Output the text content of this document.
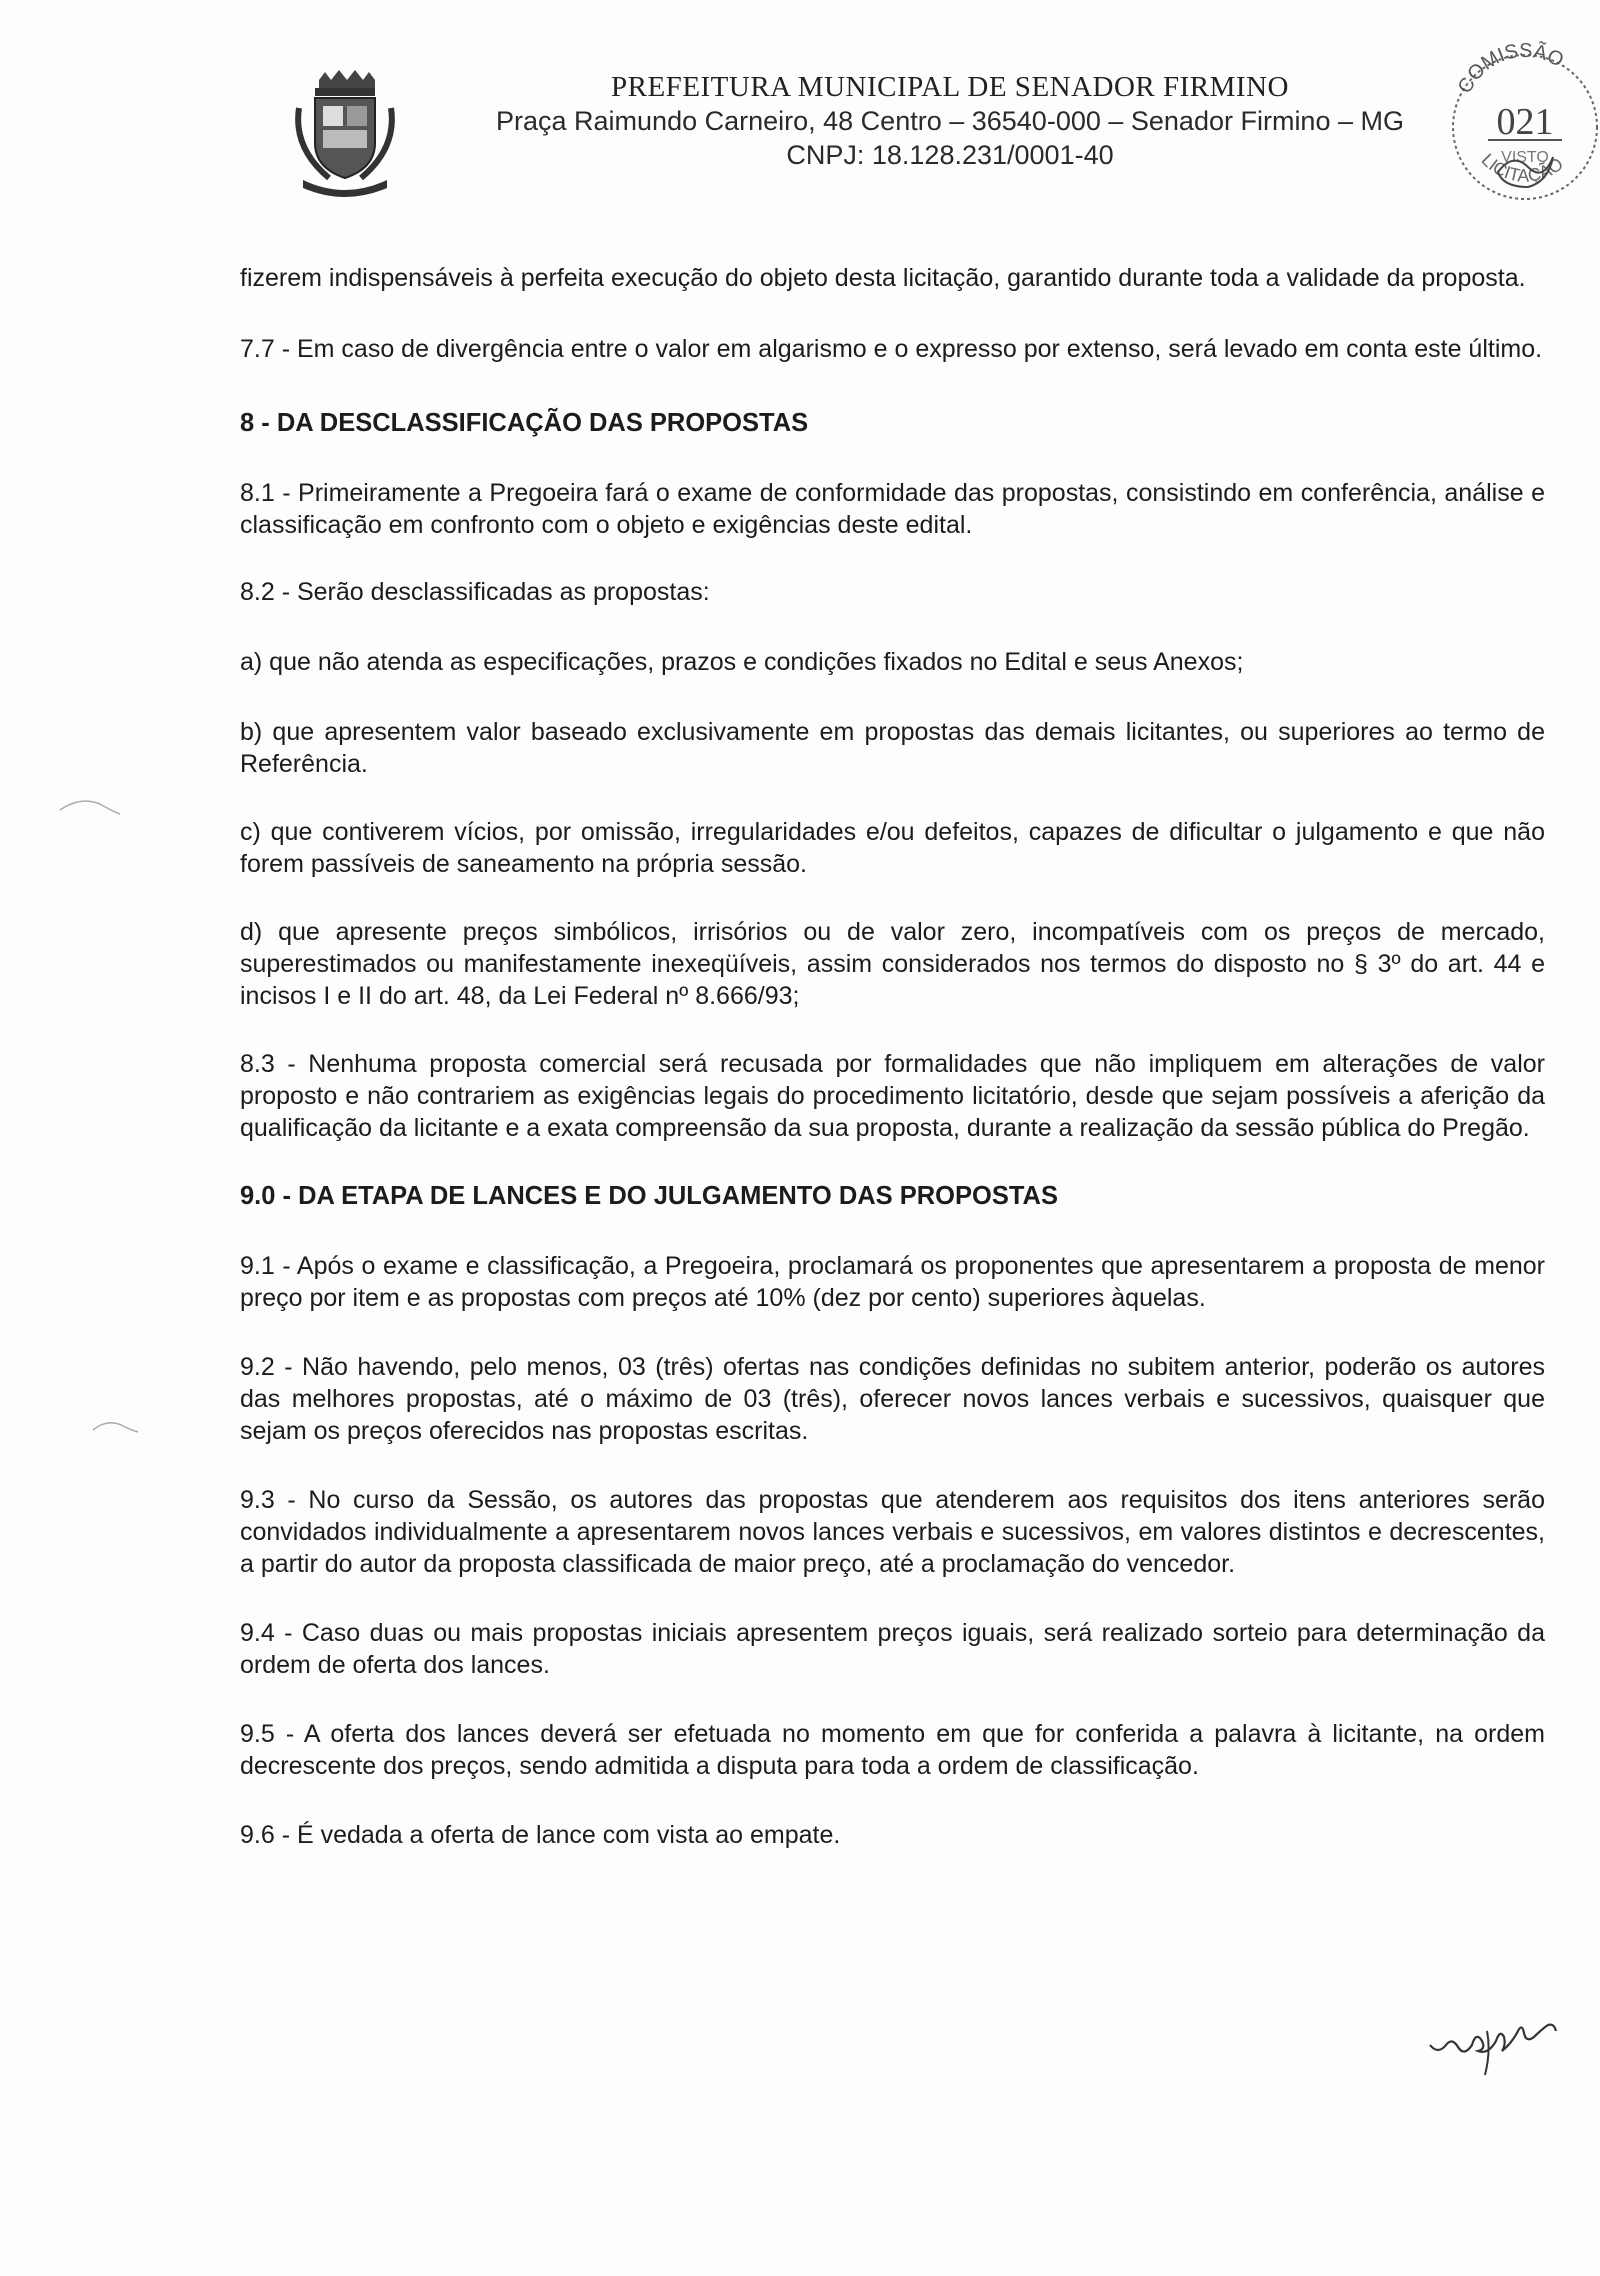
PREFEITURA MUNICIPAL DE SENADOR FIRMINO
Praça Raimundo Carneiro, 48 Centro – 36540-000 – Senador Firmino – MG
CNPJ: 18.128.231/0001-40
COMISSÃO
021
VISTO
LICITAÇÃO

fizerem indispensáveis à perfeita execução do objeto desta licitação, garantido durante toda a validade da proposta.

7.7 - Em caso de divergência entre o valor em algarismo e o expresso por extenso, será levado em conta este último.

8 - DA DESCLASSIFICAÇÃO DAS PROPOSTAS

8.1 - Primeiramente a Pregoeira fará o exame de conformidade das propostas, consistindo em conferência, análise e classificação em confronto com o objeto e exigências deste edital.

8.2 - Serão desclassificadas as propostas:

a) que não atenda as especificações, prazos e condições fixados no Edital e seus Anexos;

b) que apresentem valor baseado exclusivamente em propostas das demais licitantes, ou superiores ao termo de Referência.

c) que contiverem vícios, por omissão, irregularidades e/ou defeitos, capazes de dificultar o julgamento e que não forem passíveis de saneamento na própria sessão.

d) que apresente preços simbólicos, irrisórios ou de valor zero, incompatíveis com os preços de mercado, superestimados ou manifestamente inexeqüíveis, assim considerados nos termos do disposto no § 3º do art. 44 e incisos I e II do art. 48, da Lei Federal nº 8.666/93;

8.3 - Nenhuma proposta comercial será recusada por formalidades que não impliquem em alterações de valor proposto e não contrariem as exigências legais do procedimento licitatório, desde que sejam possíveis a aferição da qualificação da licitante e a exata compreensão da sua proposta, durante a realização da sessão pública do Pregão.

9.0 - DA ETAPA DE LANCES E DO JULGAMENTO DAS PROPOSTAS

9.1 - Após o exame e classificação, a Pregoeira, proclamará os proponentes que apresentarem a proposta de menor preço por item e as propostas com preços até 10% (dez por cento) superiores àquelas.

9.2 - Não havendo, pelo menos, 03 (três) ofertas nas condições definidas no subitem anterior, poderão os autores das melhores propostas, até o máximo de 03 (três), oferecer novos lances verbais e sucessivos, quaisquer que sejam os preços oferecidos nas propostas escritas.

9.3 - No curso da Sessão, os autores das propostas que atenderem aos requisitos dos itens anteriores serão convidados individualmente a apresentarem novos lances verbais e sucessivos, em valores distintos e decrescentes, a partir do autor da proposta classificada de maior preço, até a proclamação do vencedor.

9.4 - Caso duas ou mais propostas iniciais apresentem preços iguais, será realizado sorteio para determinação da ordem de oferta dos lances.

9.5 - A oferta dos lances deverá ser efetuada no momento em que for conferida a palavra à licitante, na ordem decrescente dos preços, sendo admitida a disputa para toda a ordem de classificação.

9.6 - É vedada a oferta de lance com vista ao empate.
